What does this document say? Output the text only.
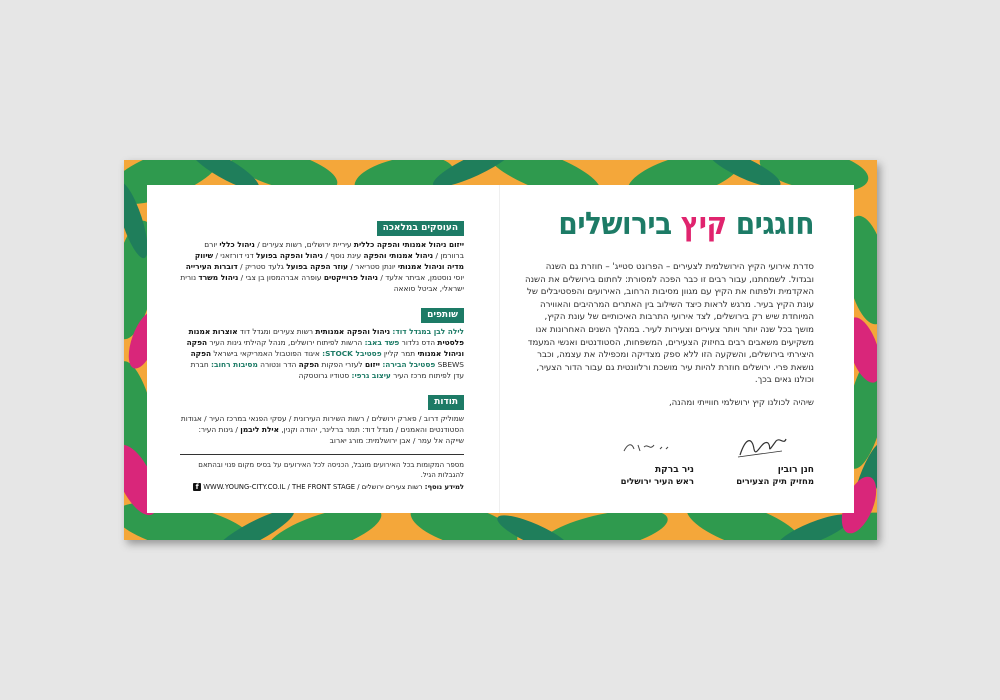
חוגגים קיץ בירושלים

סדרת אירועי הקיץ הירושלמית לצעירים – הפרונט סטייג' – חוזרת גם השנה ובגדול. לשמחתנו, עבור רבים זו כבר הפכה למסורת: לחתום בירושלים את השנה האקדמית ולפתוח את הקיץ עם מגוון מסיבות הרחוב, האירועים והפסטיבלים של עונת הקיץ בעיר. מרגש לראות כיצד השילוב בין האתרים המרהיבים והאווירה המיוחדת שיש רק בירושלים, לצד אירועי התרבות האיכותיים של עונת הקיץ, מושך בכל שנה יותר ויותר צעירים וצעירות לעיר. במהלך השנים האחרונות אנו משקיעים משאבים רבים בחיזוק הצעירים, המשפחות, הסטודנטים ואנשי המעמד היצירתי בירושלים, והשקעה הזו ללא ספק מצדיקה ומכפילה את עצמה, וכבר נושאת פרי. ירושלים חוזרת להיות עיר מושכת ורלוונטית גם עבור הדור הצעיר, וכולנו גאים בכך.

שיהיה לכולנו קיץ ירושלמי חווייתי ומהנה,

חנן רובין
מחזיק תיק הצעירים
ניר ברקת
ראש העיר ירושלים
העוסקים במלאכה

ייזום ניהול אמנותי והפקה כללית עיריית ירושלים, רשות צעירים / ניהול כללי יורם ברוורמן / ניהול אמנותי והפקה עינת נוסף / ניהול והפקה בפועל דני דורזאני / שיווק מדיה וניהול אמנותי יונתן סטריאר / עוזר הפקה בפועל גלעד סטריק / דוברות העירייה יוסי נוסטמן, אביתר אלעד / ניהול פרוייקטים עופרה אברהמסון בן צבי / ניהול משרד נורית ישראלי, אביטל סואאה

שותפים

לילה לבן במגדל דוד: ניהול והפקה אמנותית רשות צעירים ומגדל דוד אוצרות אמנות פלסטית הדס נלדור פשד באב: הרשות לפיתוח ירושלים, מנהל קהילתי גינות העיר הפקה וניהול אמנותי תמר קליין פסטיבל STOCK: איגוד הפוטבול האמריקאי בישראל הפקה SBEWS פסטיבל הבירה: ייזום לעזרי הפקות הפקה הדר ונטורה מסיבות רחוב: חברת עדן לפיתוח מרכז העיר עיצוב גרפי: סטודיו גרוטסקה

תודות

שמוליק דרוב / פארק ירושלים / רשות השירות העירונית / עסקי הפנאי במרכז העיר / אגודות הסטודנטים והאמנים / מגדל דוד: תמר ברלינר, יהודה וקנין, אילת ליבמן / גינות העיר: שייקה אל עמר / אבן ירושלמית: מורג יארוב

מספר המקומות בכל האירועים מוגבל, הכניסה לכל האירועים על בסיס מקום פנוי ובהתאם להגבלות הגיל.

למידע נוסף: רשות צעירים ירושלים / WWW.YOUNG-CITY.CO.IL / THE FRONT STAGE f
